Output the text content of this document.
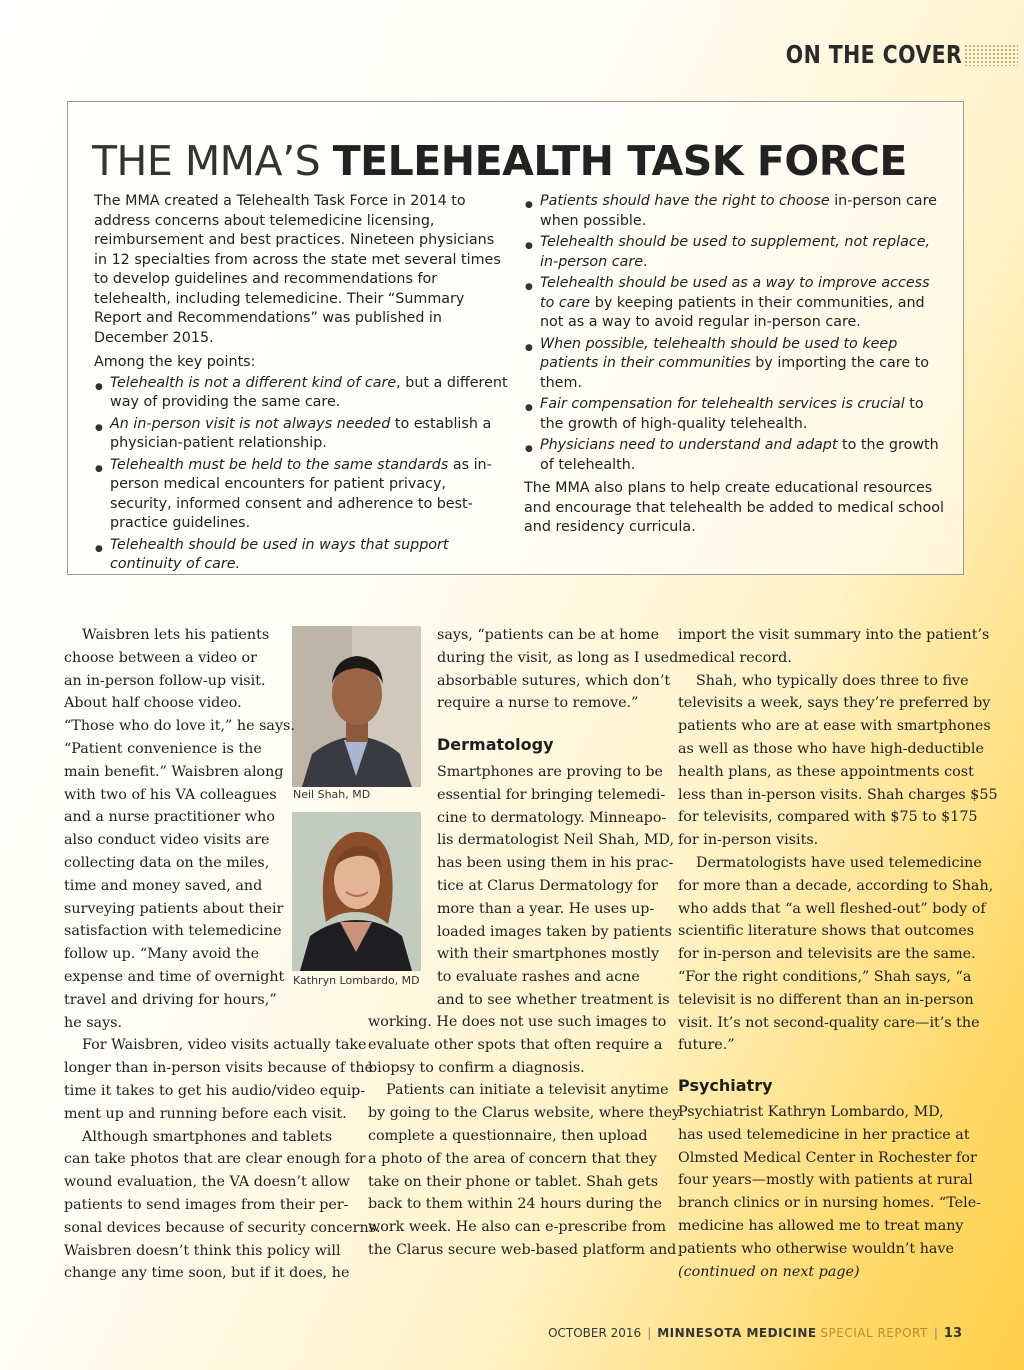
ON THE COVER
THE MMA’S TELEHEALTH TASK FORCE

The MMA created a Telehealth Task Force in 2014 to address concerns about telemedicine licensing, reimbursement and best practices. Nineteen physicians in 12 specialties from across the state met several times to develop guidelines and recommendations for telehealth, including telemedicine. Their “Summary Report and Recommendations” was published in December 2015.

Among the key points:

● Telehealth is not a different kind of care, but a different way of providing the same care.
● An in-person visit is not always needed to establish a physician-patient relationship.
● Telehealth must be held to the same standards as in-person medical encounters for patient privacy, security, informed consent and adherence to best-practice guidelines.
● Telehealth should be used in ways that support continuity of care.
● Patients should have the right to choose in-person care when possible.
● Telehealth should be used to supplement, not replace, in-person care.
● Telehealth should be used as a way to improve access to care by keeping patients in their communities, and not as a way to avoid regular in-person care.
● When possible, telehealth should be used to keep patients in their communities by importing the care to them.
● Fair compensation for telehealth services is crucial to the growth of high-quality telehealth.
● Physicians need to understand and adapt to the growth of telehealth.

The MMA also plans to help create educational resources and encourage that telehealth be added to medical school and residency curricula.

Neil Shah, MD
Kathryn Lombardo, MD
Waisbren lets his patients
choose between a video or
an in-person follow-up visit.
About half choose video.
“Those who do love it,” he says.
“Patient convenience is the
main benefit.” Waisbren along
with two of his VA colleagues
and a nurse practitioner who
also conduct video visits are
collecting data on the miles,
time and money saved, and
surveying patients about their
satisfaction with telemedicine
follow up. “Many avoid the
expense and time of overnight
travel and driving for hours,”
he says.
For Waisbren, video visits actually take
longer than in-person visits because of the
time it takes to get his audio/video equip-
ment up and running before each visit.
Although smartphones and tablets
can take photos that are clear enough for
wound evaluation, the VA doesn’t allow
patients to send images from their per-
sonal devices because of security concerns.
Waisbren doesn’t think this policy will
change any time soon, but if it does, he
says, “patients can be at home
during the visit, as long as I used
absorbable sutures, which don’t
require a nurse to remove.”
Dermatology
Smartphones are proving to be
essential for bringing telemedi-
cine to dermatology. Minneapo-
lis dermatologist Neil Shah, MD,
has been using them in his prac-
tice at Clarus Dermatology for
more than a year. He uses up-
loaded images taken by patients
with their smartphones mostly
to evaluate rashes and acne
and to see whether treatment is
working. He does not use such images to
evaluate other spots that often require a
biopsy to confirm a diagnosis.
Patients can initiate a televisit anytime
by going to the Clarus website, where they
complete a questionnaire, then upload
a photo of the area of concern that they
take on their phone or tablet. Shah gets
back to them within 24 hours during the
work week. He also can e-prescribe from
the Clarus secure web-based platform and
import the visit summary into the patient’s
medical record.
Shah, who typically does three to five
televisits a week, says they’re preferred by
patients who are at ease with smartphones
as well as those who have high-deductible
health plans, as these appointments cost
less than in-person visits. Shah charges $55
for televisits, compared with $75 to $175
for in-person visits.
Dermatologists have used telemedicine
for more than a decade, according to Shah,
who adds that “a well fleshed-out” body of
scientific literature shows that outcomes
for in-person and televisits are the same.
“For the right conditions,” Shah says, “a
televisit is no different than an in-person
visit. It’s not second-quality care—it’s the
future.”
Psychiatry
Psychiatrist Kathryn Lombardo, MD,
has used telemedicine in her practice at
Olmsted Medical Center in Rochester for
four years—mostly with patients at rural
branch clinics or in nursing homes. “Tele-
medicine has allowed me to treat many
patients who otherwise wouldn’t have
(continued on next page)
OCTOBER 2016 | MINNESOTA MEDICINE SPECIAL REPORT | 13
